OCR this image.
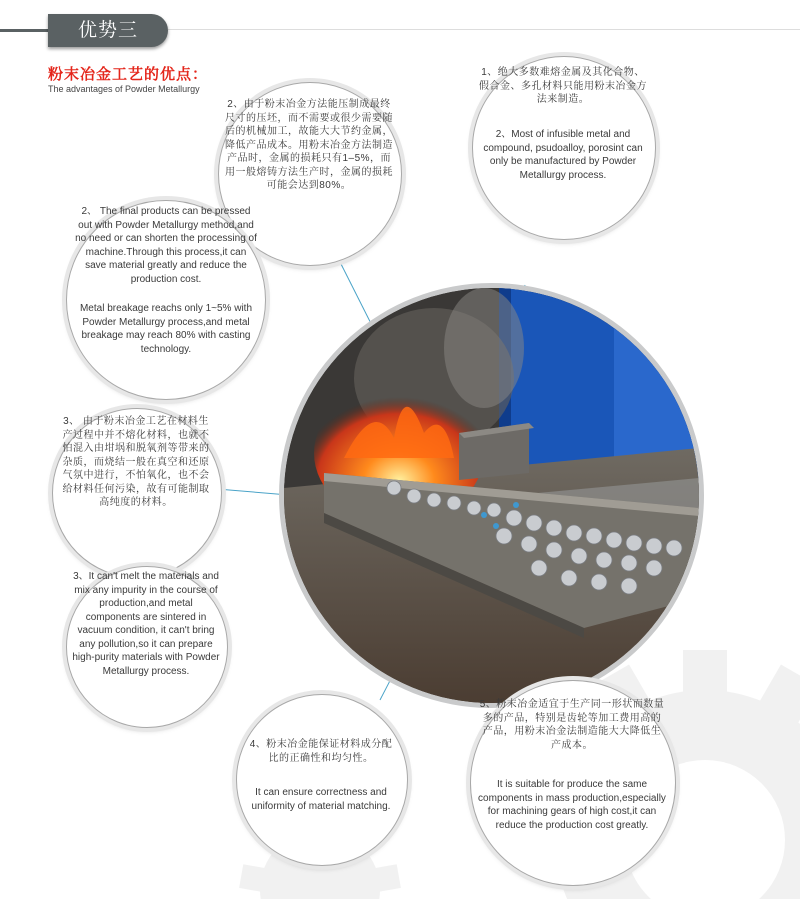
优势三
粉末冶金工艺的优点：
The advantages of Powder Metallurgy
1、绝大多数难熔金属及其化合物、假合金、多孔材料只能用粉末冶金方法来制造。
2、Most of infusible metal and compound, psudoalloy, porosint can only be manufactured by Powder Metallurgy process.
2、由于粉末冶金方法能压制成最终尺寸的压坯，而不需要或很少需要随后的机械加工，故能大大节约金属，降低产品成本。用粉末冶金方法制造产品时，金属的损耗只有1–5%，而用一般熔铸方法生产时，金属的损耗可能会达到80%。
2、 The final products can be pressed out with Powder Metallurgy method,and no need or can shorten the processing of machine.Through this process,it can save material greatly and reduce the production cost.
Metal breakage reachs only 1~5% with Powder Metallurgy process,and metal breakage may reach 80% with casting technology.
3、 由于粉末冶金工艺在材料生产过程中并不熔化材料，也就不怕混入由坩埚和脱氧剂等带来的杂质，而烧结一般在真空和还原气氛中进行，不怕氧化，也不会给材料任何污染，故有可能制取高纯度的材料。
3、It can't melt the materials and mix any impurity in the course of production,and metal components are sintered in vacuum condition, it can't bring any pollution,so it can prepare high-purity materials with Powder Metallurgy process.
4、粉末冶金能保证材料成分配比的正确性和均匀性。
It can ensure correctness and uniformity of material matching.
5、粉末冶金适宜于生产同一形状而数量多的产品，特别是齿轮等加工费用高的产品，用粉末冶金法制造能大大降低生产成本。
It is suitable for produce the same components in mass production,especially for machining gears of high cost,it can reduce the production cost greatly.
